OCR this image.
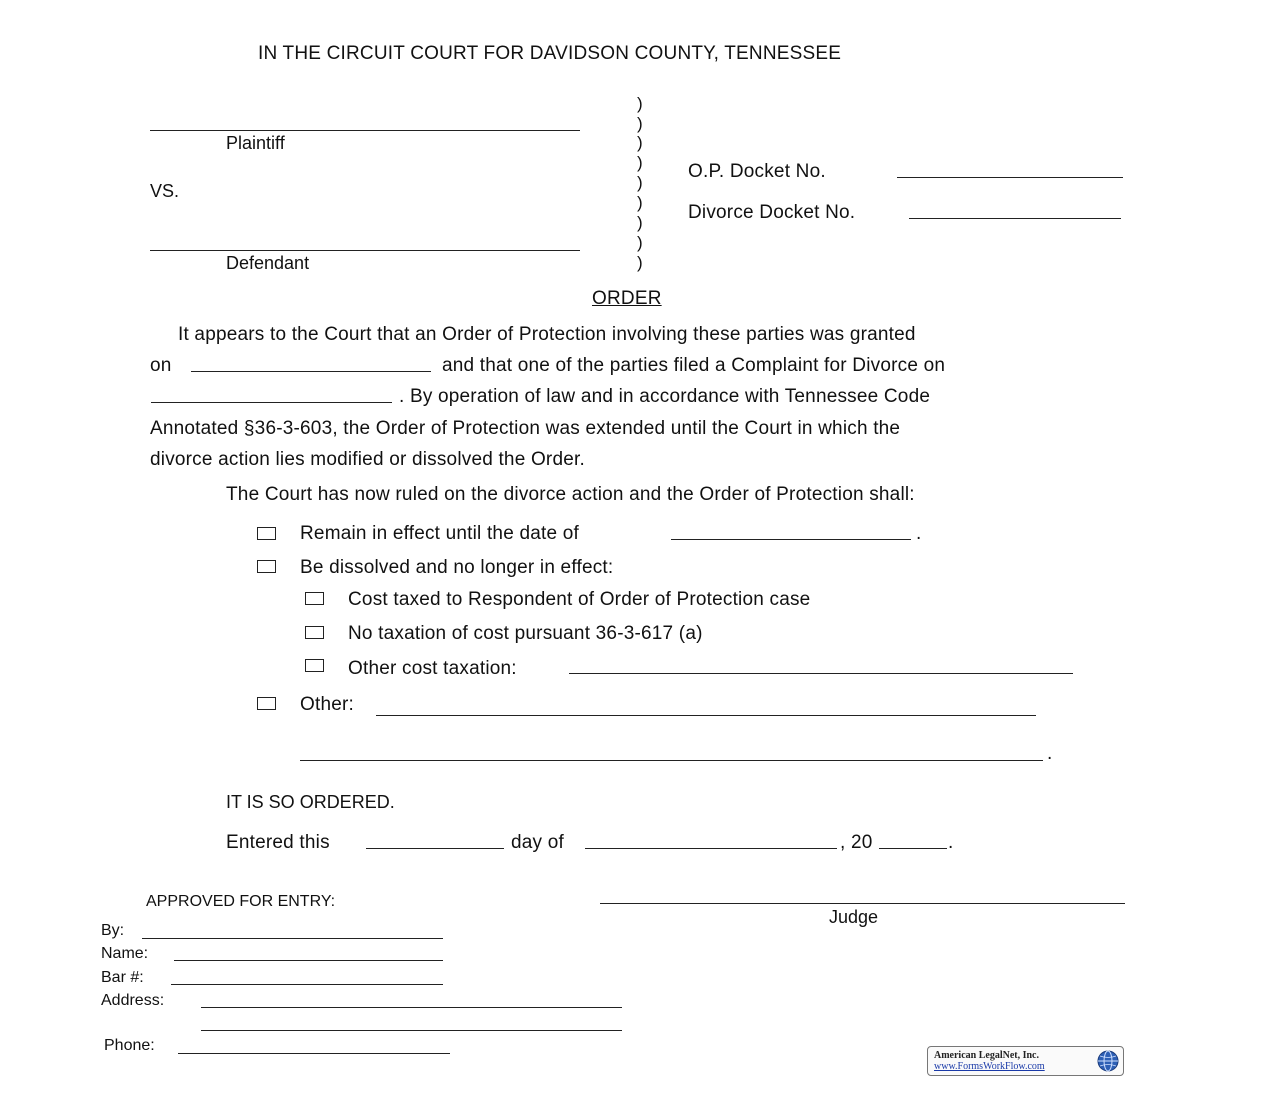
IN THE CIRCUIT COURT FOR DAVIDSON COUNTY, TENNESSEE
Plaintiff
VS.
Defendant
)
)
)
)
)
)
)
)
)
O.P. Docket No.
Divorce Docket No.
ORDER
It appears to the Court that an Order of Protection involving these parties was granted
on	and that one of the parties filed a Complaint for Divorce on
. By operation of law and in accordance with Tennessee Code
Annotated §36-3-603, the Order of Protection was extended until the Court in which the
divorce action lies modified or dissolved the Order.
The Court has now ruled on the divorce action and the Order of Protection shall:
Remain in effect until the date of	.
Be dissolved and no longer in effect:
Cost taxed to Respondent of Order of Protection case
No taxation of cost pursuant 36-3-617 (a)
Other cost taxation:
Other:
.
IT IS SO ORDERED.
Entered this	day of	, 20	.
APPROVED FOR ENTRY:
Judge
By:
Name:
Bar #:
Address:
Phone:
American LegalNet, Inc.
www.FormsWorkFlow.com
